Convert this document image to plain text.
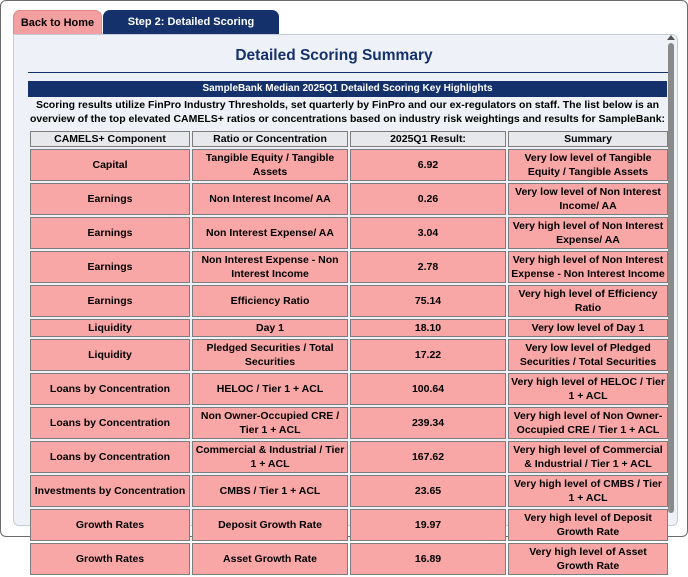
Back to Home	Step 2: Detailed Scoring
Detailed Scoring Summary
SampleBank Median 2025Q1 Detailed Scoring Key Highlights
Scoring results utilize FinPro Industry Thresholds, set quarterly by FinPro and our ex-regulators on staff. The list below is an overview of the top elevated CAMELS+ ratios or concentrations based on industry risk weightings and results for SampleBank:
CAMELS+ Component	Ratio or Concentration	2025Q1 Result:	Summary
Capital	Tangible Equity / Tangible Assets	6.92	Very low level of Tangible Equity / Tangible Assets
Earnings	Non Interest Income/ AA	0.26	Very low level of Non Interest Income/ AA
Earnings	Non Interest Expense/ AA	3.04	Very high level of Non Interest Expense/ AA
Earnings	Non Interest Expense - Non Interest Income	2.78	Very high level of Non Interest Expense - Non Interest Income
Earnings	Efficiency Ratio	75.14	Very high level of Efficiency Ratio
Liquidity	Day 1	18.10	Very low level of Day 1
Liquidity	Pledged Securities / Total Securities	17.22	Very low level of Pledged Securities / Total Securities
Loans by Concentration	HELOC / Tier 1 + ACL	100.64	Very high level of HELOC / Tier 1 + ACL
Loans by Concentration	Non Owner-Occupied CRE / Tier 1 + ACL	239.34	Very high level of Non Owner-Occupied CRE / Tier 1 + ACL
Loans by Concentration	Commercial & Industrial / Tier 1 + ACL	167.62	Very high level of Commercial & Industrial / Tier 1 + ACL
Investments by Concentration	CMBS / Tier 1 + ACL	23.65	Very high level of CMBS / Tier 1 + ACL
Growth Rates	Deposit Growth Rate	19.97	Very high level of Deposit Growth Rate
Growth Rates	Asset Growth Rate	16.89	Very high level of Asset Growth Rate
